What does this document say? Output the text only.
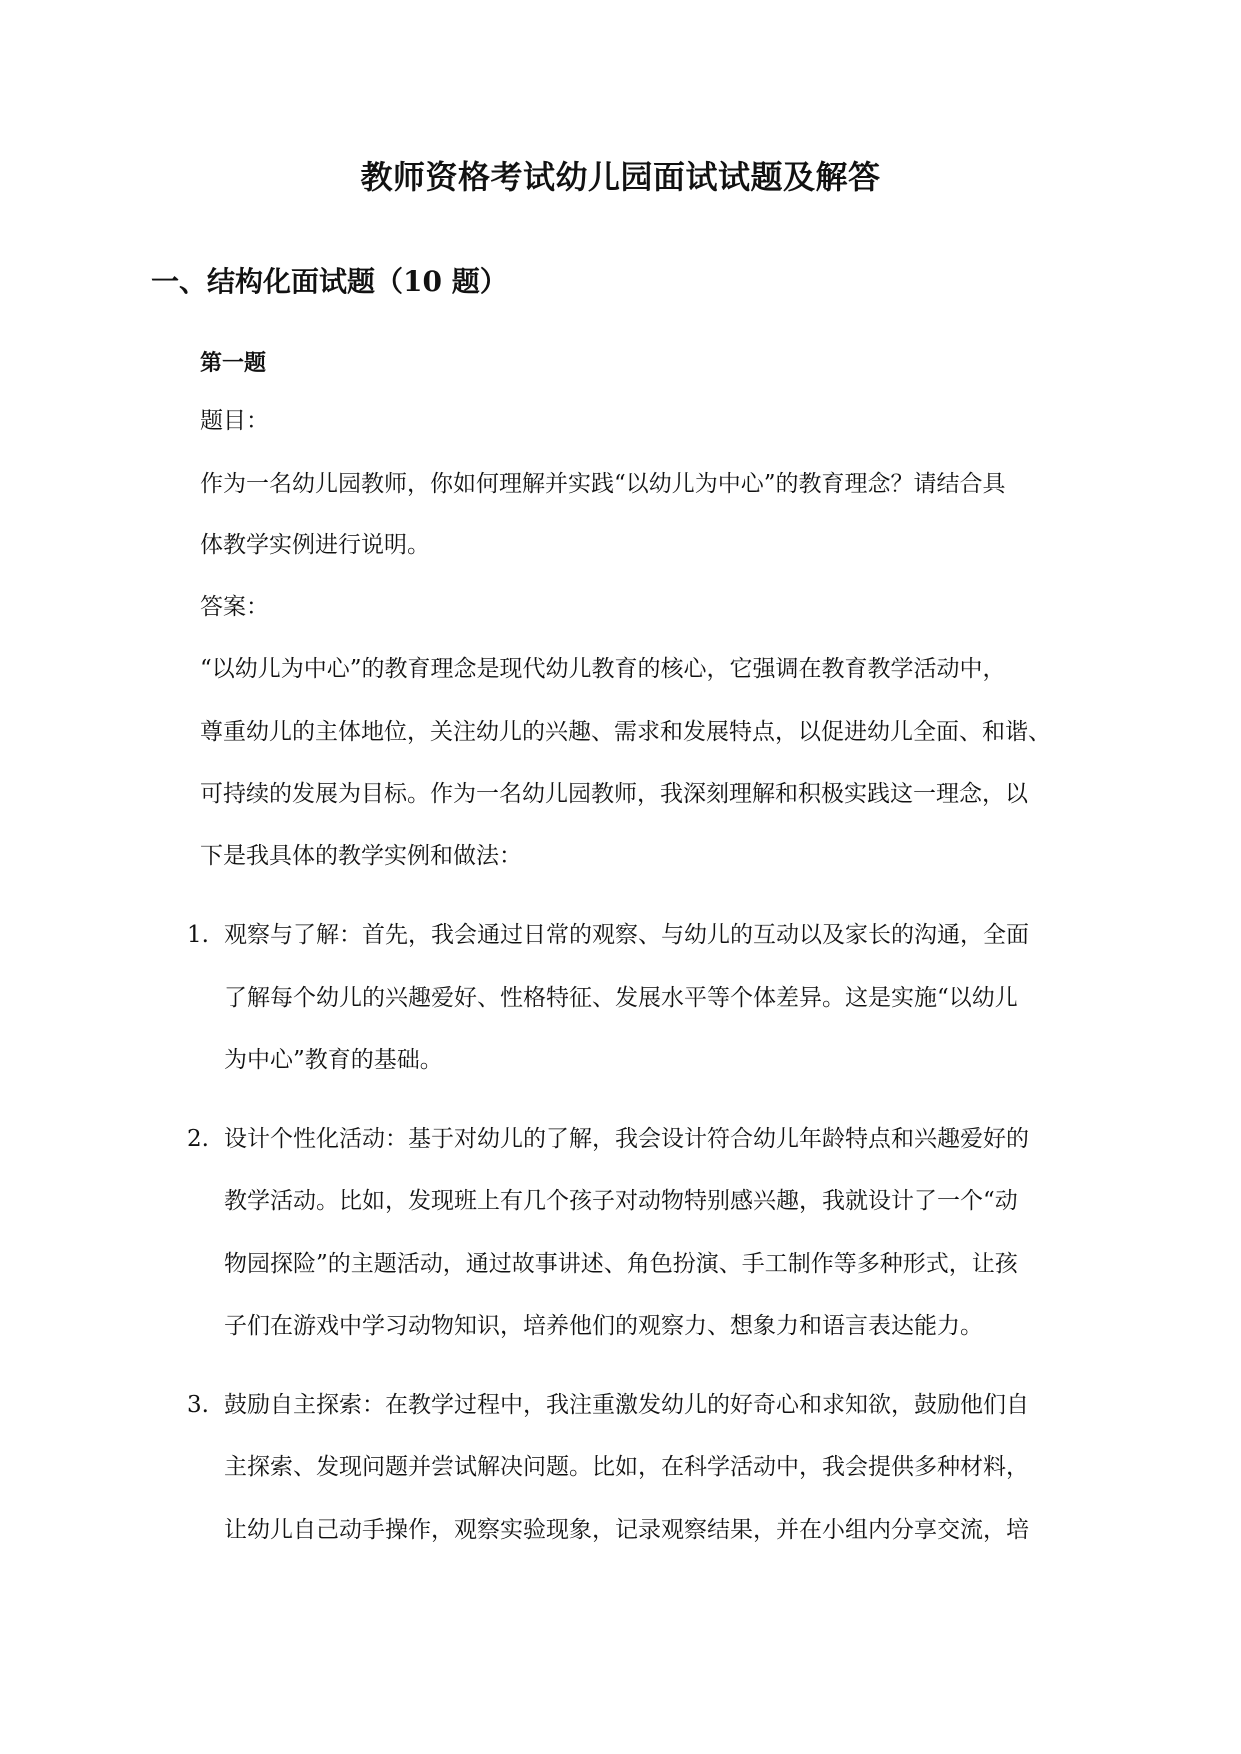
教师资格考试幼儿园面试试题及解答
一、结构化面试题（10 题）
第一题
题目：
作为一名幼儿园教师，你如何理解并实践“以幼儿为中心”的教育理念？请结合具
体教学实例进行说明。
答案：
“以幼儿为中心”的教育理念是现代幼儿教育的核心，它强调在教育教学活动中，
尊重幼儿的主体地位，关注幼儿的兴趣、需求和发展特点，以促进幼儿全面、和谐、
可持续的发展为目标。作为一名幼儿园教师，我深刻理解和积极实践这一理念，以
下是我具体的教学实例和做法：
1. 观察与了解：首先，我会通过日常的观察、与幼儿的互动以及家长的沟通，全面
了解每个幼儿的兴趣爱好、性格特征、发展水平等个体差异。这是实施“以幼儿
为中心”教育的基础。
2. 设计个性化活动：基于对幼儿的了解，我会设计符合幼儿年龄特点和兴趣爱好的
教学活动。比如，发现班上有几个孩子对动物特别感兴趣，我就设计了一个“动
物园探险”的主题活动，通过故事讲述、角色扮演、手工制作等多种形式，让孩
子们在游戏中学习动物知识，培养他们的观察力、想象力和语言表达能力。
3. 鼓励自主探索：在教学过程中，我注重激发幼儿的好奇心和求知欲，鼓励他们自
主探索、发现问题并尝试解决问题。比如，在科学活动中，我会提供多种材料，
让幼儿自己动手操作，观察实验现象，记录观察结果，并在小组内分享交流，培
